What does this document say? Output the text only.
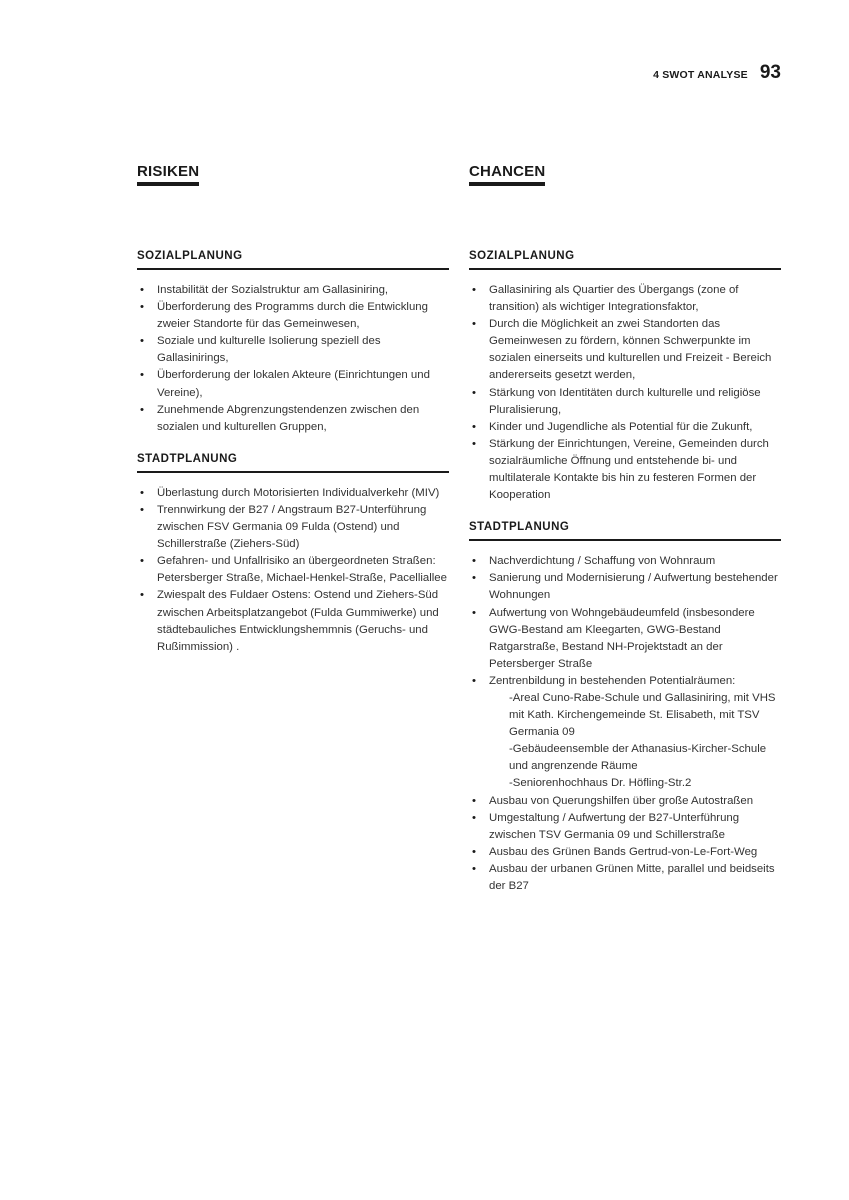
4 SWOT ANALYSE 93
RISIKEN
SOZIALPLANUNG
• Instabilität der Sozialstruktur am Gallasiniring,
• Überforderung des Programms durch die Entwicklung zweier Standorte für das Gemeinwesen,
• Soziale und kulturelle Isolierung speziell des Gallasinirings,
• Überforderung der lokalen Akteure (Einrichtungen und Vereine),
• Zunehmende Abgrenzungstendenzen zwischen den sozialen und kulturellen Gruppen,
STADTPLANUNG
• Überlastung durch Motorisierten Individualverkehr (MIV)
• Trennwirkung der B27 / Angstraum B27-Unterführung zwischen FSV Germania 09 Fulda (Ostend) und Schillerstraße (Ziehers-Süd)
• Gefahren- und Unfallrisiko an übergeordneten Straßen: Petersberger Straße, Michael-Henkel-Straße, Pacelliallee
• Zwiespalt des Fuldaer Ostens: Ostend und Ziehers-Süd zwischen Arbeitsplatzangebot (Fulda Gummiwerke) und städtebauliches Entwicklungshemmnis (Geruchs- und Rußimmission) .
CHANCEN
SOZIALPLANUNG
• Gallasiniring als Quartier des Übergangs (zone of transition) als wichtiger Integrationsfaktor,
• Durch die Möglichkeit an zwei Standorten das Gemeinwesen zu fördern, können Schwerpunkte im sozialen einerseits und kulturellen und Freizeit - Bereich andererseits gesetzt werden,
• Stärkung von Identitäten durch kulturelle und religiöse Pluralisierung,
• Kinder und Jugendliche als Potential für die Zukunft,
• Stärkung der Einrichtungen, Vereine, Gemeinden durch sozialräumliche Öffnung und entstehende bi- und multilaterale Kontakte bis hin zu festeren Formen der Kooperation
STADTPLANUNG
• Nachverdichtung / Schaffung von Wohnraum
• Sanierung und Modernisierung / Aufwertung bestehender Wohnungen
• Aufwertung von Wohngebäudeumfeld (insbesondere GWG-Bestand am Kleegarten, GWG-Bestand Ratgarstraße, Bestand NH-Projektstadt an der Petersberger Straße
• Zentrenbildung in bestehenden Potentialräumen:
-Areal Cuno-Rabe-Schule und Gallasiniring, mit VHS mit Kath. Kirchengemeinde St. Elisabeth, mit TSV Germania 09
-Gebäudeensemble der Athanasius-Kircher-Schule und angrenzende Räume
-Seniorenhochhaus Dr. Höfling-Str.2
• Ausbau von Querungshilfen über große Autostraßen
• Umgestaltung / Aufwertung der B27-Unterführung zwischen TSV Germania 09 und Schillerstraße
• Ausbau des Grünen Bands Gertrud-von-Le-Fort-Weg
• Ausbau der urbanen Grünen Mitte, parallel und beidseits der B27
